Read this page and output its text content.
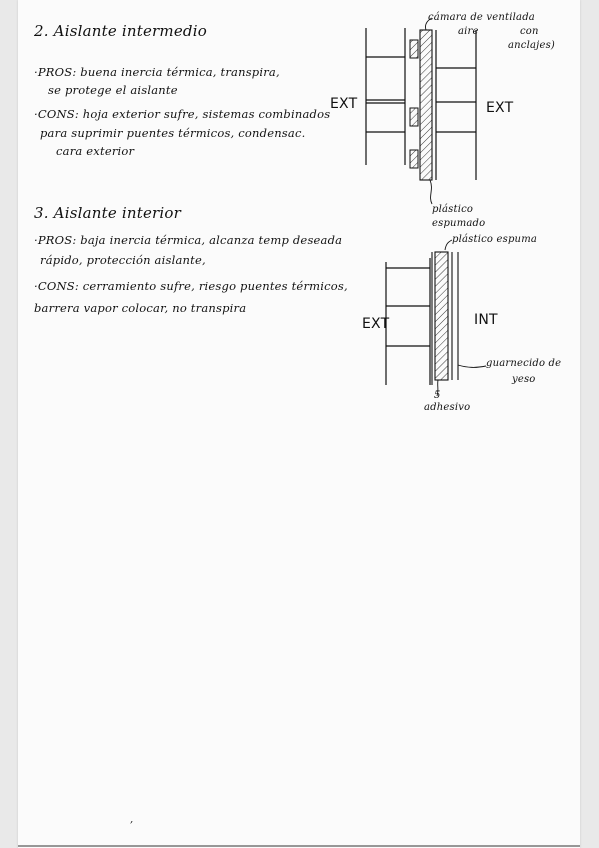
2. Aislante intermedio
·PROS: buena inercia térmica, transpira,
se protege el aislante
·CONS: hoja exterior sufre, sistemas combinados
para suprimir puentes térmicos, condensac.
cara exterior
3. Aislante interior
·PROS: baja inercia térmica, alcanza temp deseada
rápido, protección aislante,
·CONS: cerramiento sufre, riesgo puentes térmicos,
barrera vapor colocar, no transpira
cámara de ventilada
aire	con
anclajes)
EXT	EXT
plástico
espumado
plástico espuma
EXT	INT
guarnecido de
yeso
5
adhesivo
,
